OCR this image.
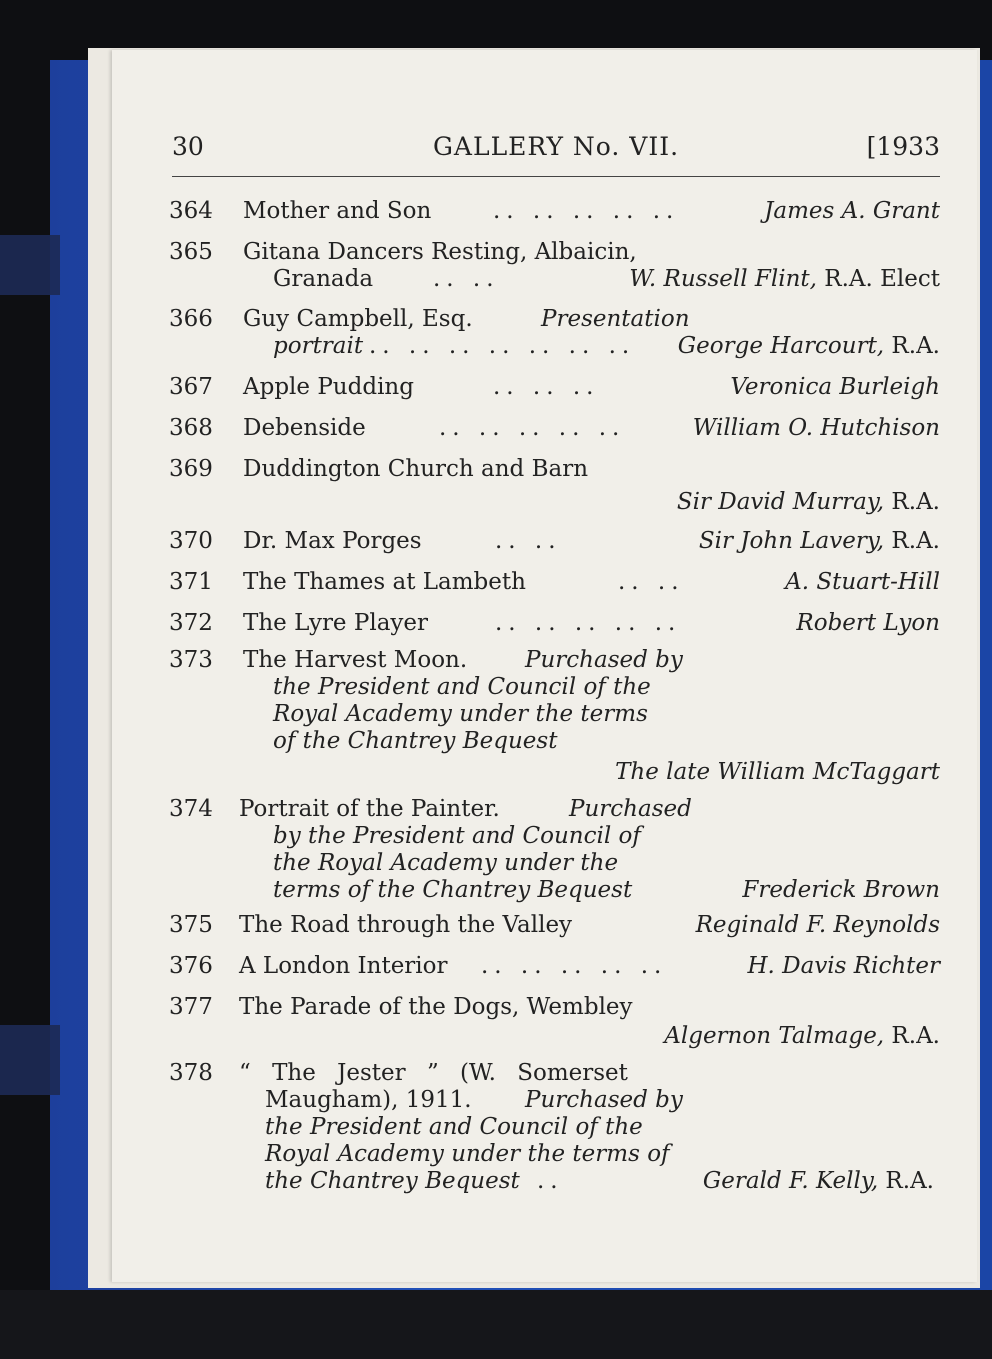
30	GALLERY No. VII.	[1933
364	Mother and Son	.. .. .. .. ..	James A. Grant
365	Gitana Dancers Resting, Albaicin,
Granada	.. ..	W. Russell Flint, R.A. Elect
366	Guy Campbell, Esq.	Presentation
portrait .. .. .. .. .. .. .. George Harcourt, R.A.
367	Apple Pudding	.. .. ..	Veronica Burleigh
368	Debenside	.. .. .. .. ..	William O. Hutchison
369	Duddington Church and Barn
Sir David Murray, R.A.
370	Dr. Max Porges	.. ..	Sir John Lavery, R.A.
371	The Thames at Lambeth	.. ..	A. Stuart-Hill
372	The Lyre Player	.. .. .. .. ..	Robert Lyon
373	The Harvest Moon.	Purchased by
the President and Council of the
Royal Academy under the terms
of the Chantrey Bequest
The late William McTaggart
374	Portrait of the Painter.	Purchased
by the President and Council of
the Royal Academy under the
terms of the Chantrey Bequest	Frederick Brown
375	The Road through the Valley	Reginald F. Reynolds
376	A London Interior .. .. .. .. ..	H. Davis Richter
377	The Parade of the Dogs, Wembley
Algernon Talmage, R.A.
378	“ The Jester ” (W. Somerset
Maugham), 1911. Purchased by
the President and Council of the
Royal Academy under the terms of
the Chantrey Bequest ..	Gerald F. Kelly, R.A.
